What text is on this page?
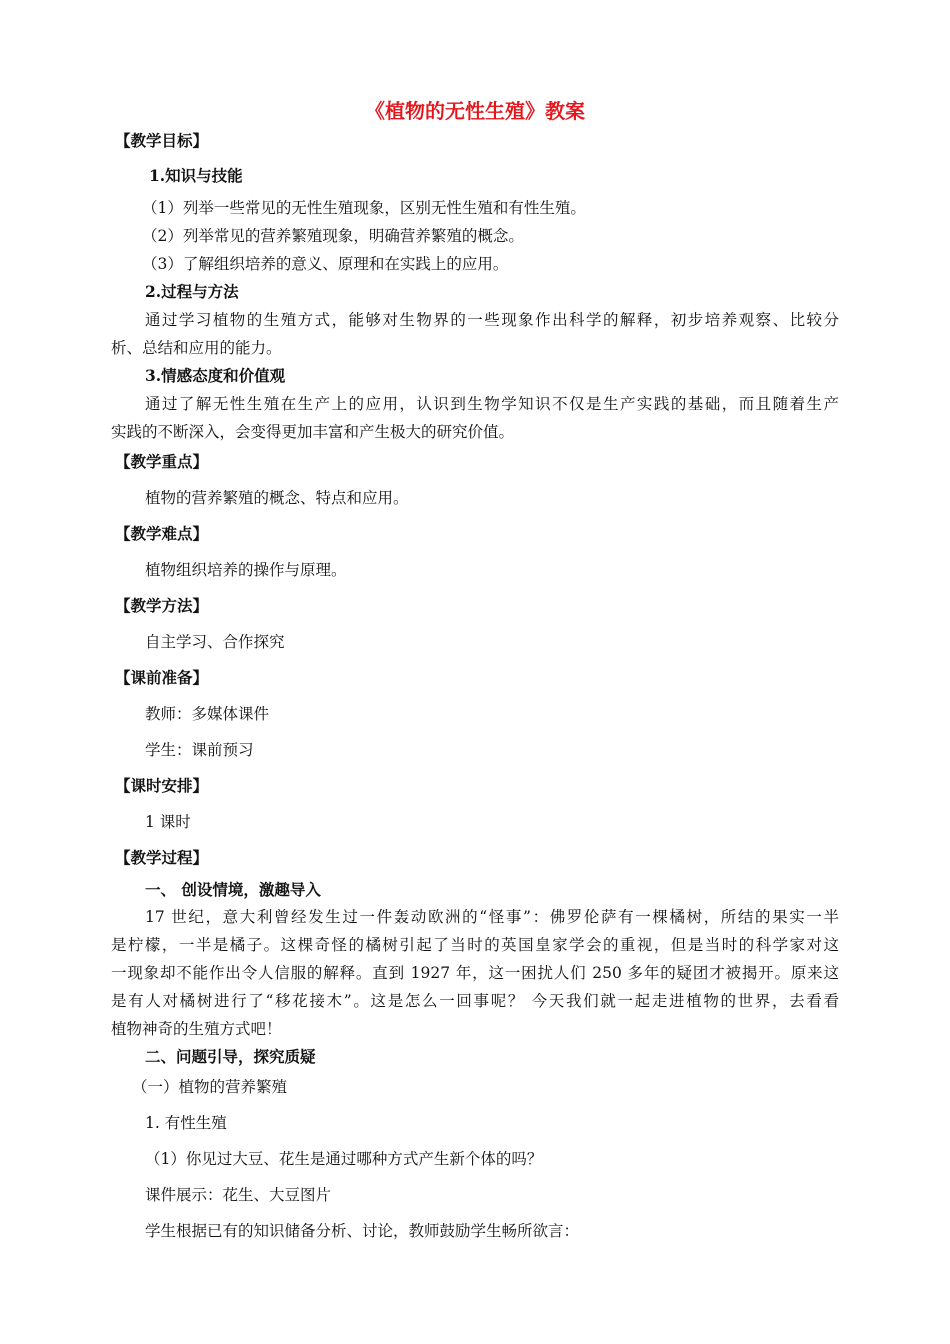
《植物的无性生殖》教案
【教学目标】
1.知识与技能
（1）列举一些常见的无性生殖现象，区别无性生殖和有性生殖。
（2）列举常见的营养繁殖现象，明确营养繁殖的概念。
（3）了解组织培养的意义、原理和在实践上的应用。
2.过程与方法
通过学习植物的生殖方式，能够对生物界的一些现象作出科学的解释，初步培养观察、比较分
析、总结和应用的能力。
3.情感态度和价值观
通过了解无性生殖在生产上的应用，认识到生物学知识不仅是生产实践的基础，而且随着生产
实践的不断深入，会变得更加丰富和产生极大的研究价值。
【教学重点】
植物的营养繁殖的概念、特点和应用。
【教学难点】
植物组织培养的操作与原理。
【教学方法】
自主学习、合作探究
【课前准备】
教师：多媒体课件
学生：课前预习
【课时安排】
1 课时
【教学过程】
一、 创设情境，激趣导入
17 世纪，意大利曾经发生过一件轰动欧洲的“怪事”：佛罗伦萨有一棵橘树，所结的果实一半
是柠檬，一半是橘子。这棵奇怪的橘树引起了当时的英国皇家学会的重视，但是当时的科学家对这
一现象却不能作出令人信服的解释。直到 1927 年，这一困扰人们 250 多年的疑团才被揭开。原来这
是有人对橘树进行了“移花接木”。这是怎么一回事呢？ 今天我们就一起走进植物的世界，去看看
植物神奇的生殖方式吧！
二、问题引导，探究质疑
（一）植物的营养繁殖
1. 有性生殖
（1）你见过大豆、花生是通过哪种方式产生新个体的吗？
课件展示：花生、大豆图片
学生根据已有的知识储备分析、讨论，教师鼓励学生畅所欲言：
